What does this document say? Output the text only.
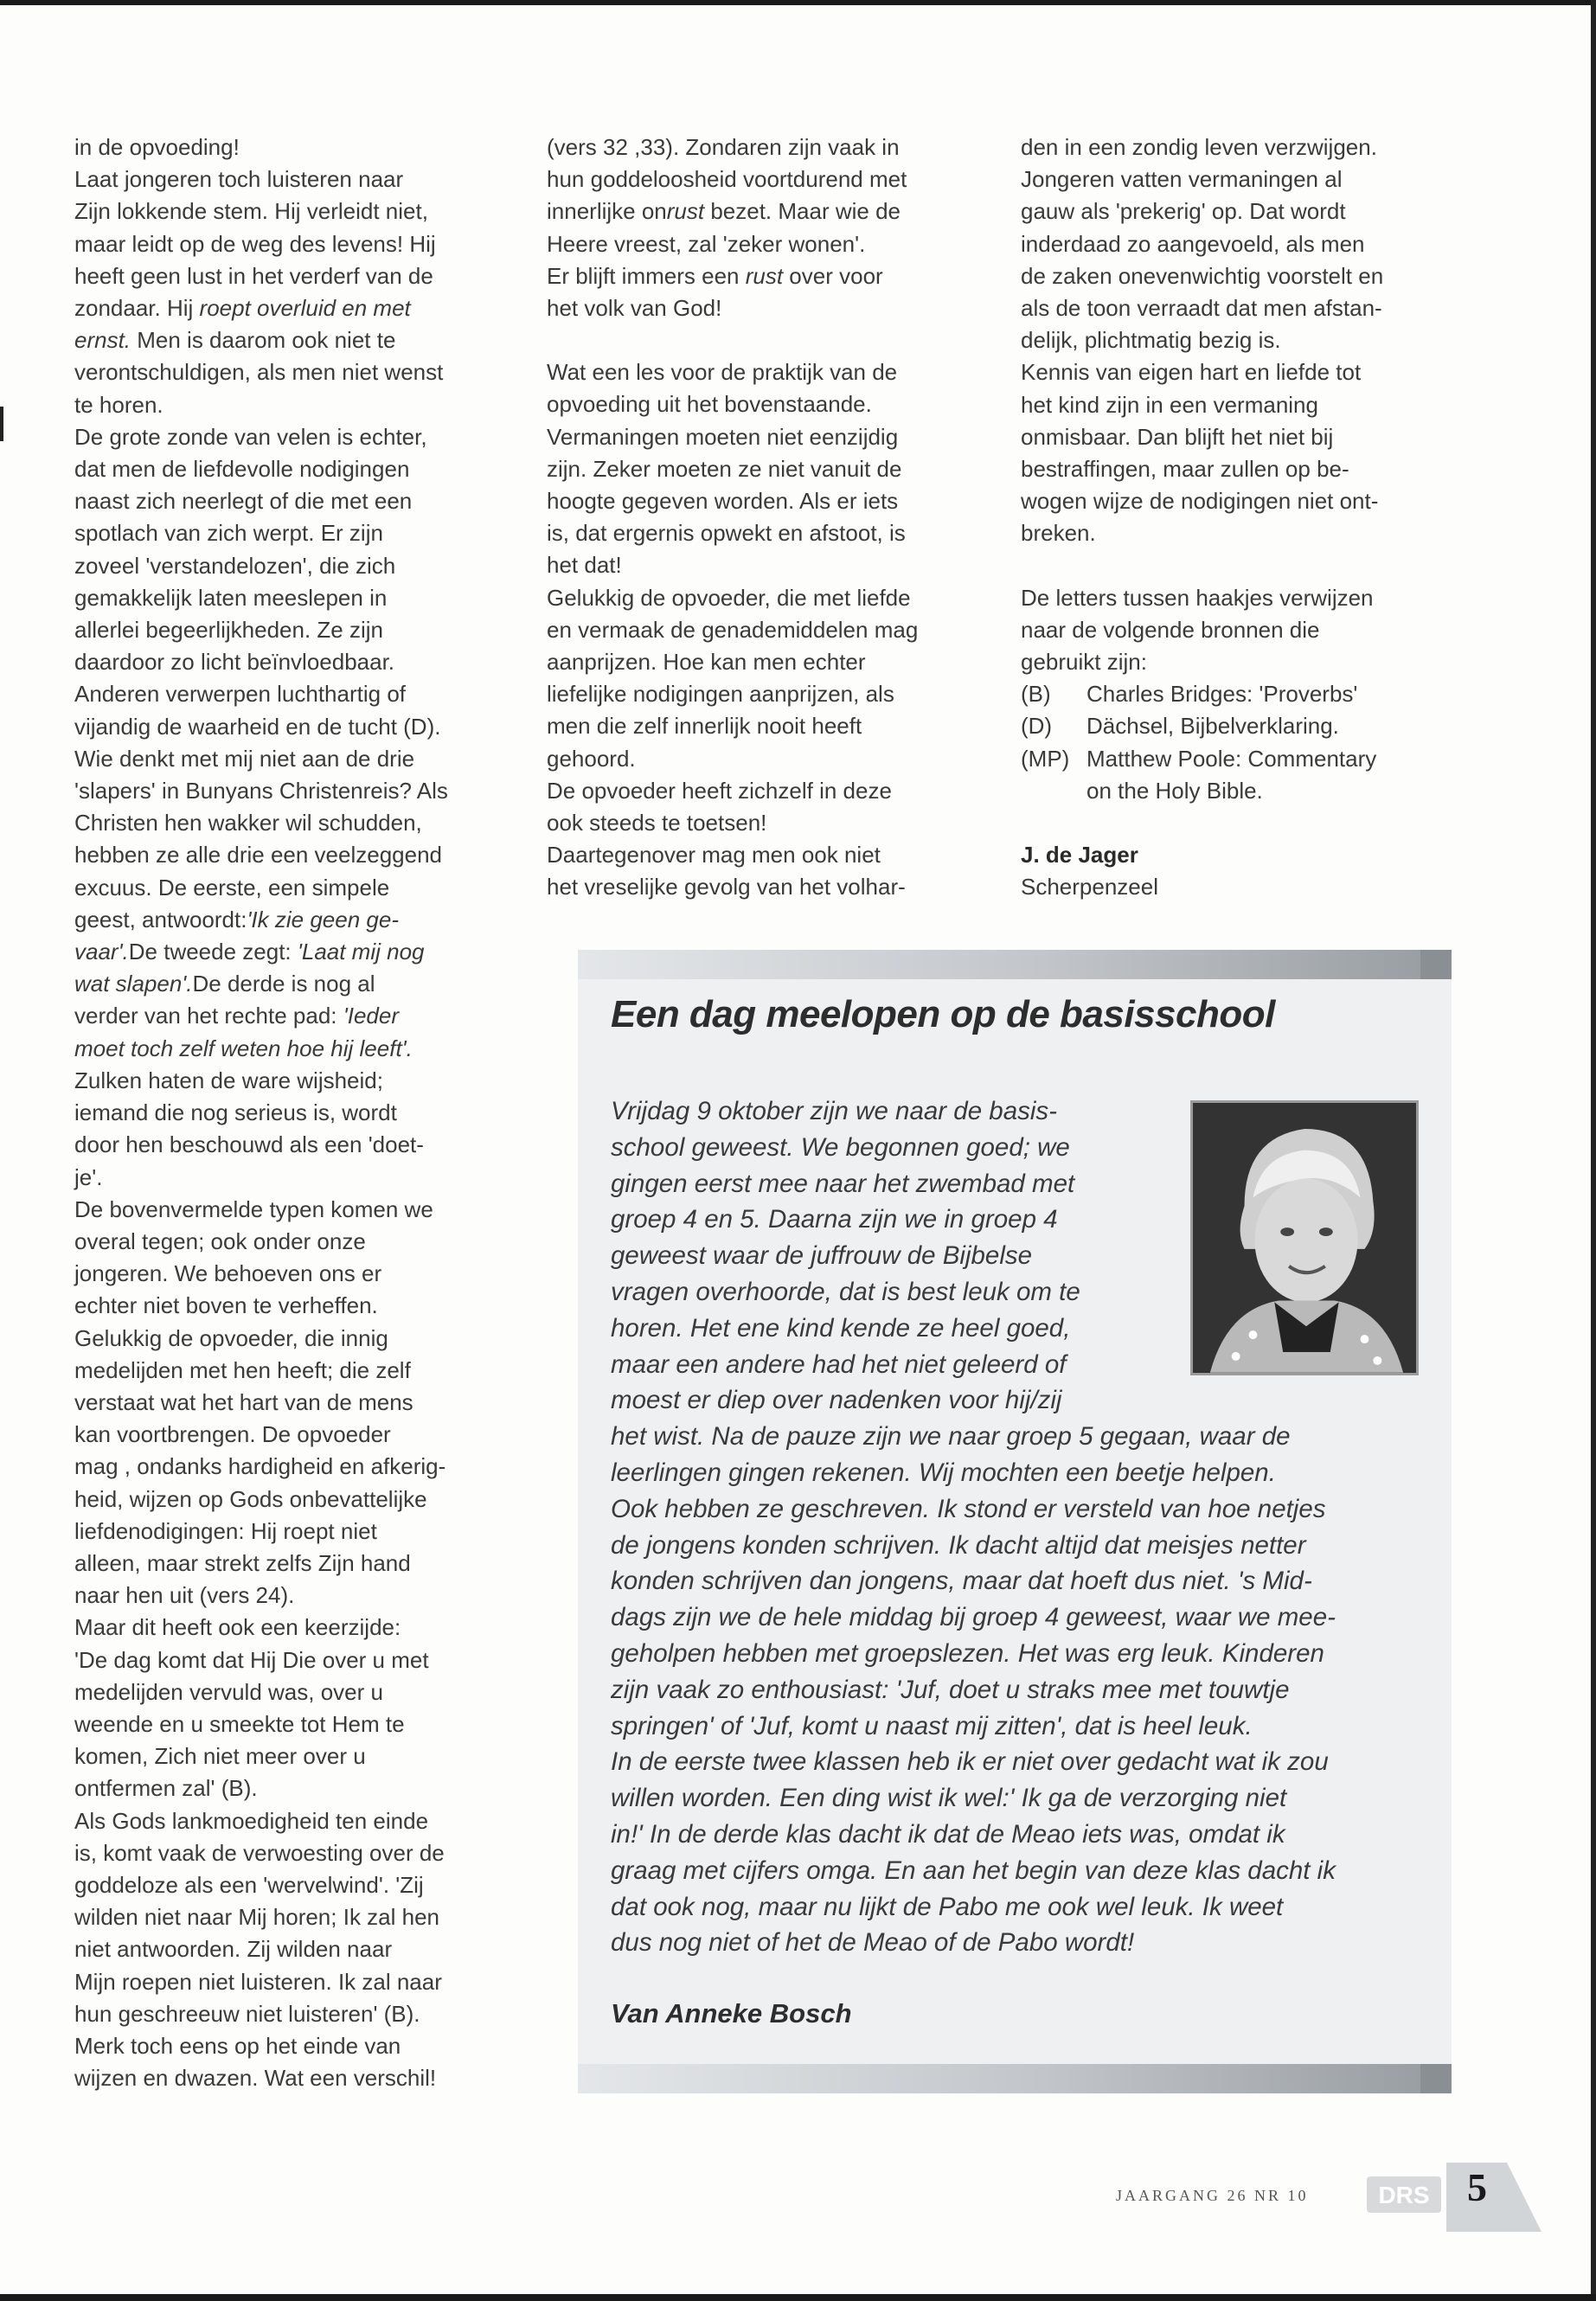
in de opvoeding!

Laat jongeren toch luisteren naar

Zijn lokkende stem. Hij verleidt niet,

maar leidt op de weg des levens! Hij

heeft geen lust in het verderf van de

zondaar. Hij roept overluid en met

ernst. Men is daarom ook niet te

verontschuldigen, als men niet wenst

te horen.

De grote zonde van velen is echter,

dat men de liefdevolle nodigingen

naast zich neerlegt of die met een

spotlach van zich werpt. Er zijn

zoveel 'verstandelozen', die zich

gemakkelijk laten meeslepen in

allerlei begeerlijkheden. Ze zijn

daardoor zo licht beïnvloedbaar.

Anderen verwerpen luchthartig of

vijandig de waarheid en de tucht (D).

Wie denkt met mij niet aan de drie

'slapers' in Bunyans Christenreis? Als

Christen hen wakker wil schudden,

hebben ze alle drie een veelzeggend

excuus. De eerste, een simpele

geest, antwoordt:'Ik zie geen ge-

vaar'.De tweede zegt: 'Laat mij nog

wat slapen'.De derde is nog al

verder van het rechte pad: 'Ieder

moet toch zelf weten hoe hij leeft'.

Zulken haten de ware wijsheid;

iemand die nog serieus is, wordt

door hen beschouwd als een 'doet-

je'.

De bovenvermelde typen komen we

overal tegen; ook onder onze

jongeren. We behoeven ons er

echter niet boven te verheffen.

Gelukkig de opvoeder, die innig

medelijden met hen heeft; die zelf

verstaat wat het hart van de mens

kan voortbrengen. De opvoeder

mag , ondanks hardigheid en afkerig-

heid, wijzen op Gods onbevattelijke

liefdenodigingen: Hij roept niet

alleen, maar strekt zelfs Zijn hand

naar hen uit (vers 24).

Maar dit heeft ook een keerzijde:

'De dag komt dat Hij Die over u met

medelijden vervuld was, over u

weende en u smeekte tot Hem te

komen, Zich niet meer over u

ontfermen zal' (B).

Als Gods lankmoedigheid ten einde

is, komt vaak de verwoesting over de

goddeloze als een 'wervelwind'. 'Zij

wilden niet naar Mij horen; Ik zal hen

niet antwoorden. Zij wilden naar

Mijn roepen niet luisteren. Ik zal naar

hun geschreeuw niet luisteren' (B).

Merk toch eens op het einde van

wijzen en dwazen. Wat een verschil!

(vers 32 ,33). Zondaren zijn vaak in

hun goddeloosheid voortdurend met

innerlijke onrust bezet. Maar wie de

Heere vreest, zal 'zeker wonen'.

Er blijft immers een rust over voor

het volk van God!

Wat een les voor de praktijk van de

opvoeding uit het bovenstaande.

Vermaningen moeten niet eenzijdig

zijn. Zeker moeten ze niet vanuit de

hoogte gegeven worden. Als er iets

is, dat ergernis opwekt en afstoot, is

het dat!

Gelukkig de opvoeder, die met liefde

en vermaak de genademiddelen mag

aanprijzen. Hoe kan men echter

liefelijke nodigingen aanprijzen, als

men die zelf innerlijk nooit heeft

gehoord.

De opvoeder heeft zichzelf in deze

ook steeds te toetsen!

Daartegenover mag men ook niet

het vreselijke gevolg van het volhar-

den in een zondig leven verzwijgen.

Jongeren vatten vermaningen al

gauw als 'prekerig' op. Dat wordt

inderdaad zo aangevoeld, als men

de zaken onevenwichtig voorstelt en

als de toon verraadt dat men afstan-

delijk, plichtmatig bezig is.

Kennis van eigen hart en liefde tot

het kind zijn in een vermaning

onmisbaar. Dan blijft het niet bij

bestraffingen, maar zullen op be-

wogen wijze de nodigingen niet ont-

breken.

De letters tussen haakjes verwijzen

naar de volgende bronnen die

gebruikt zijn:

(B)	Charles Bridges: 'Proverbs'
(D)	Dächsel, Bijbelverklaring.
(MP) Matthew Poole: Commentary

on the Holy Bible.

J. de Jager

Scherpenzeel

Een dag meelopen op de basisschool

Vrijdag 9 oktober zijn we naar de basis-

school geweest. We begonnen goed; we

gingen eerst mee naar het zwembad met

groep 4 en 5. Daarna zijn we in groep 4

geweest waar de juffrouw de Bijbelse

vragen overhoorde, dat is best leuk om te

horen. Het ene kind kende ze heel goed,

maar een andere had het niet geleerd of

moest er diep over nadenken voor hij/zij

het wist. Na de pauze zijn we naar groep 5 gegaan, waar de

leerlingen gingen rekenen. Wij mochten een beetje helpen.

Ook hebben ze geschreven. Ik stond er versteld van hoe netjes

de jongens konden schrijven. Ik dacht altijd dat meisjes netter

konden schrijven dan jongens, maar dat hoeft dus niet. 's Mid-

dags zijn we de hele middag bij groep 4 geweest, waar we mee-

geholpen hebben met groepslezen. Het was erg leuk. Kinderen

zijn vaak zo enthousiast: 'Juf, doet u straks mee met touwtje

springen' of 'Juf, komt u naast mij zitten', dat is heel leuk.

In de eerste twee klassen heb ik er niet over gedacht wat ik zou

willen worden. Een ding wist ik wel:' Ik ga de verzorging niet

in!' In de derde klas dacht ik dat de Meao iets was, omdat ik

graag met cijfers omga. En aan het begin van deze klas dacht ik

dat ook nog, maar nu lijkt de Pabo me ook wel leuk. Ik weet

dus nog niet of het de Meao of de Pabo wordt!

Van Anneke Bosch
JAARGANG 26 NR 10	DRS 5
